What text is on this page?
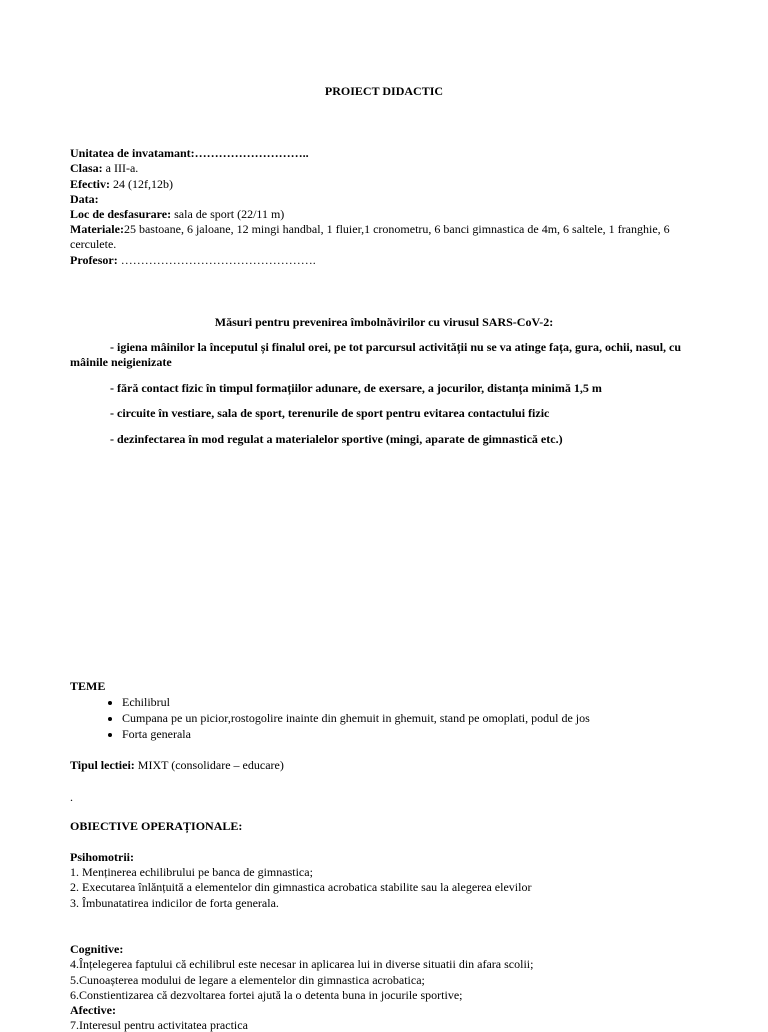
PROIECT DIDACTIC
Unitatea de invatamant:………………………..
Clasa: a III-a.
Efectiv: 24 (12f,12b)
Data:
Loc de desfasurare: sala de sport (22/11 m)
Materiale:25 bastoane, 6 jaloane, 12 mingi handbal, 1 fluier,1 cronometru, 6 banci gimnastica de 4m, 6 saltele, 1 franghie, 6
cerculete.
Profesor: ………………………………………….
Măsuri pentru prevenirea îmbolnăvirilor cu virusul SARS-CoV-2:
- igiena mâinilor la începutul și finalul orei, pe tot parcursul activității nu se va atinge fața, gura, ochii, nasul, cu
mâinile neigienizate
- fără contact fizic în timpul formațiilor adunare, de exersare, a jocurilor, distanța minimă 1,5 m
- circuite în vestiare, sala de sport, terenurile de sport pentru evitarea contactului fizic
- dezinfectarea în mod regulat a materialelor sportive (mingi, aparate de gimnastică etc.)
TEME
• Echilibrul
• Cumpana pe un picior,rostogolire inainte din ghemuit in ghemuit, stand pe omoplati, podul de jos
• Forta generala
Tipul lectiei: MIXT (consolidare – educare)
.
OBIECTIVE OPERAȚIONALE:
Psihomotrii:
1. Menținerea echilibrului pe banca de gimnastica;
2. Executarea înlănțuită a elementelor din gimnastica acrobatica stabilite sau la alegerea elevilor
3. Îmbunatatirea indicilor de forta generala.
Cognitive:
4.Înțelegerea faptului că echilibrul este necesar in aplicarea lui in diverse situatii din afara scolii;
5.Cunoașterea modului de legare a elementelor din gimnastica acrobatica;
6.Constientizarea că dezvoltarea fortei ajută la o detenta buna in jocurile sportive;
Afective:
7.Interesul pentru activitatea practica
